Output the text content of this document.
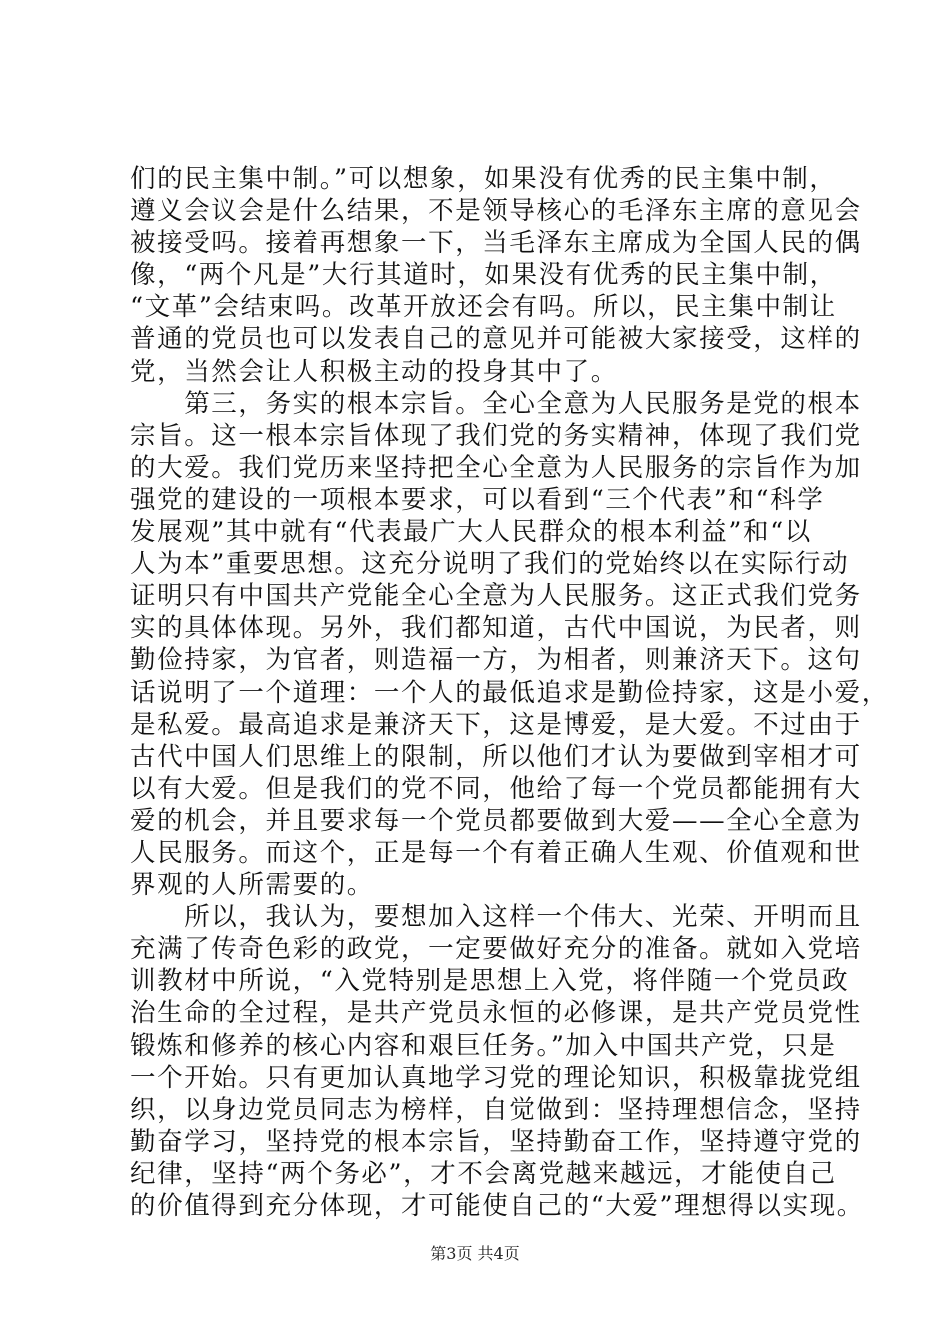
们的民主集中制。”可以想象，如果没有优秀的民主集中制，
遵义会议会是什么结果，不是领导核心的毛泽东主席的意见会
被接受吗。接着再想象一下，当毛泽东主席成为全国人民的偶
像，“两个凡是”大行其道时，如果没有优秀的民主集中制，
“文革”会结束吗。改革开放还会有吗。所以，民主集中制让
普通的党员也可以发表自己的意见并可能被大家接受，这样的
党，当然会让人积极主动的投身其中了。
　　第三，务实的根本宗旨。全心全意为人民服务是党的根本
宗旨。这一根本宗旨体现了我们党的务实精神，体现了我们党
的大爱。我们党历来坚持把全心全意为人民服务的宗旨作为加
强党的建设的一项根本要求，可以看到“三个代表”和“科学
发展观”其中就有“代表最广大人民群众的根本利益”和“以
人为本”重要思想。这充分说明了我们的党始终以在实际行动
证明只有中国共产党能全心全意为人民服务。这正式我们党务
实的具体体现。另外，我们都知道，古代中国说，为民者，则
勤俭持家，为官者，则造福一方，为相者，则兼济天下。这句
话说明了一个道理：一个人的最低追求是勤俭持家，这是小爱，
是私爱。最高追求是兼济天下，这是博爱，是大爱。不过由于
古代中国人们思维上的限制，所以他们才认为要做到宰相才可
以有大爱。但是我们的党不同，他给了每一个党员都能拥有大
爱的机会，并且要求每一个党员都要做到大爱——全心全意为
人民服务。而这个，正是每一个有着正确人生观、价值观和世
界观的人所需要的。
　　所以，我认为，要想加入这样一个伟大、光荣、开明而且
充满了传奇色彩的政党，一定要做好充分的准备。就如入党培
训教材中所说，“入党特别是思想上入党，将伴随一个党员政
治生命的全过程，是共产党员永恒的必修课，是共产党员党性
锻炼和修养的核心内容和艰巨任务。”加入中国共产党，只是
一个开始。只有更加认真地学习党的理论知识，积极靠拢党组
织，以身边党员同志为榜样，自觉做到：坚持理想信念，坚持
勤奋学习，坚持党的根本宗旨，坚持勤奋工作，坚持遵守党的
纪律，坚持“两个务必”，才不会离党越来越远，才能使自己
的价值得到充分体现，才可能使自己的“大爱”理想得以实现。
第3页 共4页
